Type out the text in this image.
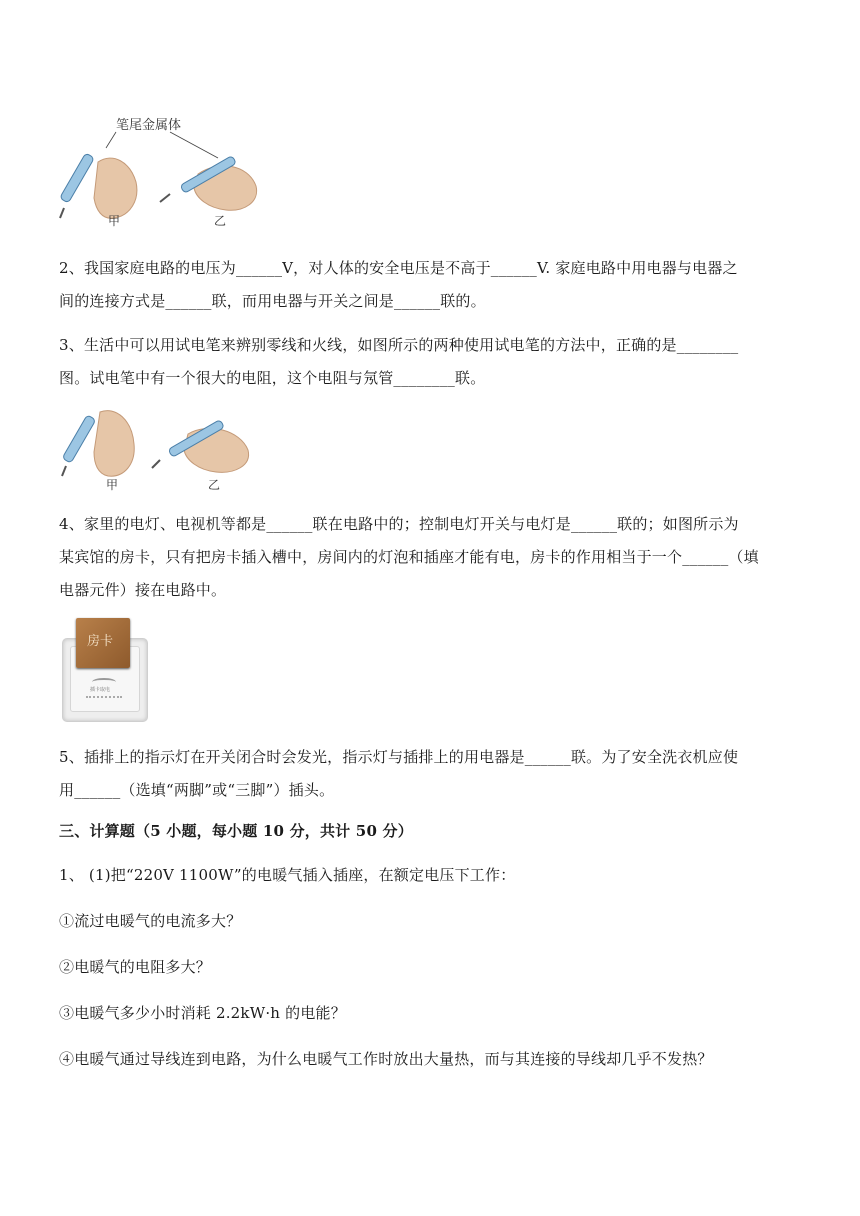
笔尾金属体
甲	乙
2、我国家庭电路的电压为______V，对人体的安全电压是不高于______V. 家庭电路中用电器与电器之
间的连接方式是______联，而用电器与开关之间是______联的。
3、生活中可以用试电笔来辨别零线和火线，如图所示的两种使用试电笔的方法中，正确的是________
图。试电笔中有一个很大的电阻，这个电阻与氖管________联。
甲	乙
4、家里的电灯、电视机等都是______联在电路中的；控制电灯开关与电灯是______联的；如图所示为
某宾馆的房卡，只有把房卡插入槽中，房间内的灯泡和插座才能有电，房卡的作用相当于一个______（填
电器元件）接在电路中。
房卡
插卡取电
5、插排上的指示灯在开关闭合时会发光，指示灯与插排上的用电器是______联。为了安全洗衣机应使
用______（选填“两脚”或“三脚”）插头。
三、计算题（5 小题，每小题 10 分，共计 50 分）
1、 (1)把“220V 1100W”的电暖气插入插座，在额定电压下工作：
①流过电暖气的电流多大？
②电暖气的电阻多大？
③电暖气多少小时消耗 2.2kW·h 的电能？
④电暖气通过导线连到电路，为什么电暖气工作时放出大量热，而与其连接的导线却几乎不发热？
